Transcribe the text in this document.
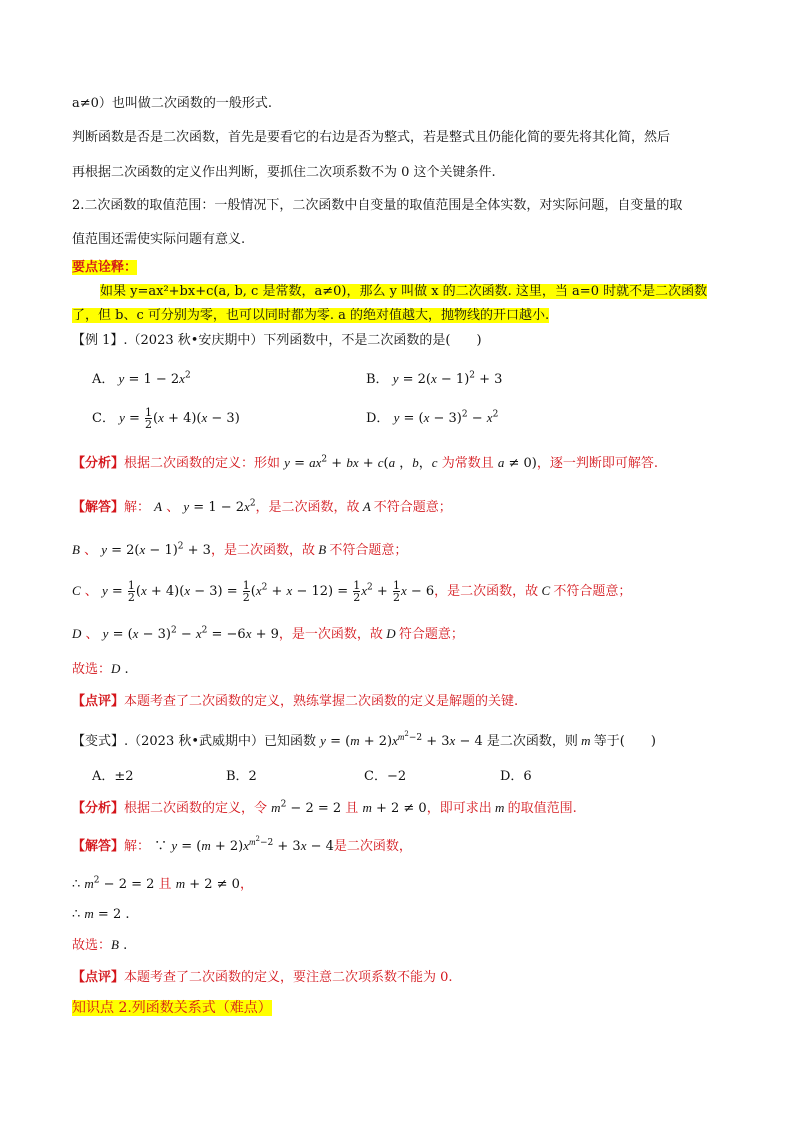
a≠0）也叫做二次函数的一般形式.
判断函数是否是二次函数，首先是要看它的右边是否为整式，若是整式且仍能化简的要先将其化简，然后
再根据二次函数的定义作出判断，要抓住二次项系数不为 0 这个关键条件.
2.二次函数的取值范围：一般情况下，二次函数中自变量的取值范围是全体实数，对实际问题，自变量的取
值范围还需使实际问题有意义.
要点诠释：
如果 y=ax²+bx+c(a, b, c 是常数，a≠0)，那么 y 叫做 x 的二次函数. 这里，当 a=0 时就不是二次函数
了，但 b、c 可分别为零，也可以同时都为零. a 的绝对值越大，抛物线的开口越小.
【例 1】.（2023 秋•安庆期中）下列函数中，不是二次函数的是(　　)
A． $y = 1 - 2x^2$	B． $y = 2(x - 1)^2 + 3$
C． $y = \frac{1}{2} (x + 4)(x - 3)$	D． $y = (x - 3)^2 - x^2$
【分析】根据二次函数的定义：形如 $y = ax^2$ + bx + c(a ，b，c 为常数且 a ≠ 0)，逐一判断即可解答.
【解答】解： A 、 $y = 1 - 2x^2$，是二次函数，故 A 不符合题意；
B 、 $y = 2(x - 1)^2 + 3$，是二次函数，故 B 不符合题意；
C 、 $y = \frac{1}{2} (x + 4)(x - 3) = \frac{1}{2} (x^2 + x - 12) = \frac{1}{2} x^2 + \frac{1}{2}$ x − 6，是二次函数，故 C 不符合题意；
D 、 $y = (x - 3)^2 - x^2 = -6x + 9$，是一次函数，故 D 符合题意；
故选：D .
【点评】本题考查了二次函数的定义，熟练掌握二次函数的定义是解题的关键.
【变式】.（2023 秋•武威期中）已知函数 $y = (m + 2)x^{m^2-2} + 3x - 4$ 是二次函数，则 m 等于(　　)
A．±2	B．2	C．−2	D．6
【分析】根据二次函数的定义，令 $m^2 - 2 = 2$ 且 m + 2 ≠ 0，即可求出 m 的取值范围.
【解答】解： ∵ $y = (m + 2)x^{m^2-2} + 3x - 4$是二次函数，
∴ $m^2 - 2 = 2$ 且 m + 2 ≠ 0，
∴ m = 2 .
故选：B .
【点评】本题考查了二次函数的定义，要注意二次项系数不能为 0.
知识点 2.列函数关系式（难点）
